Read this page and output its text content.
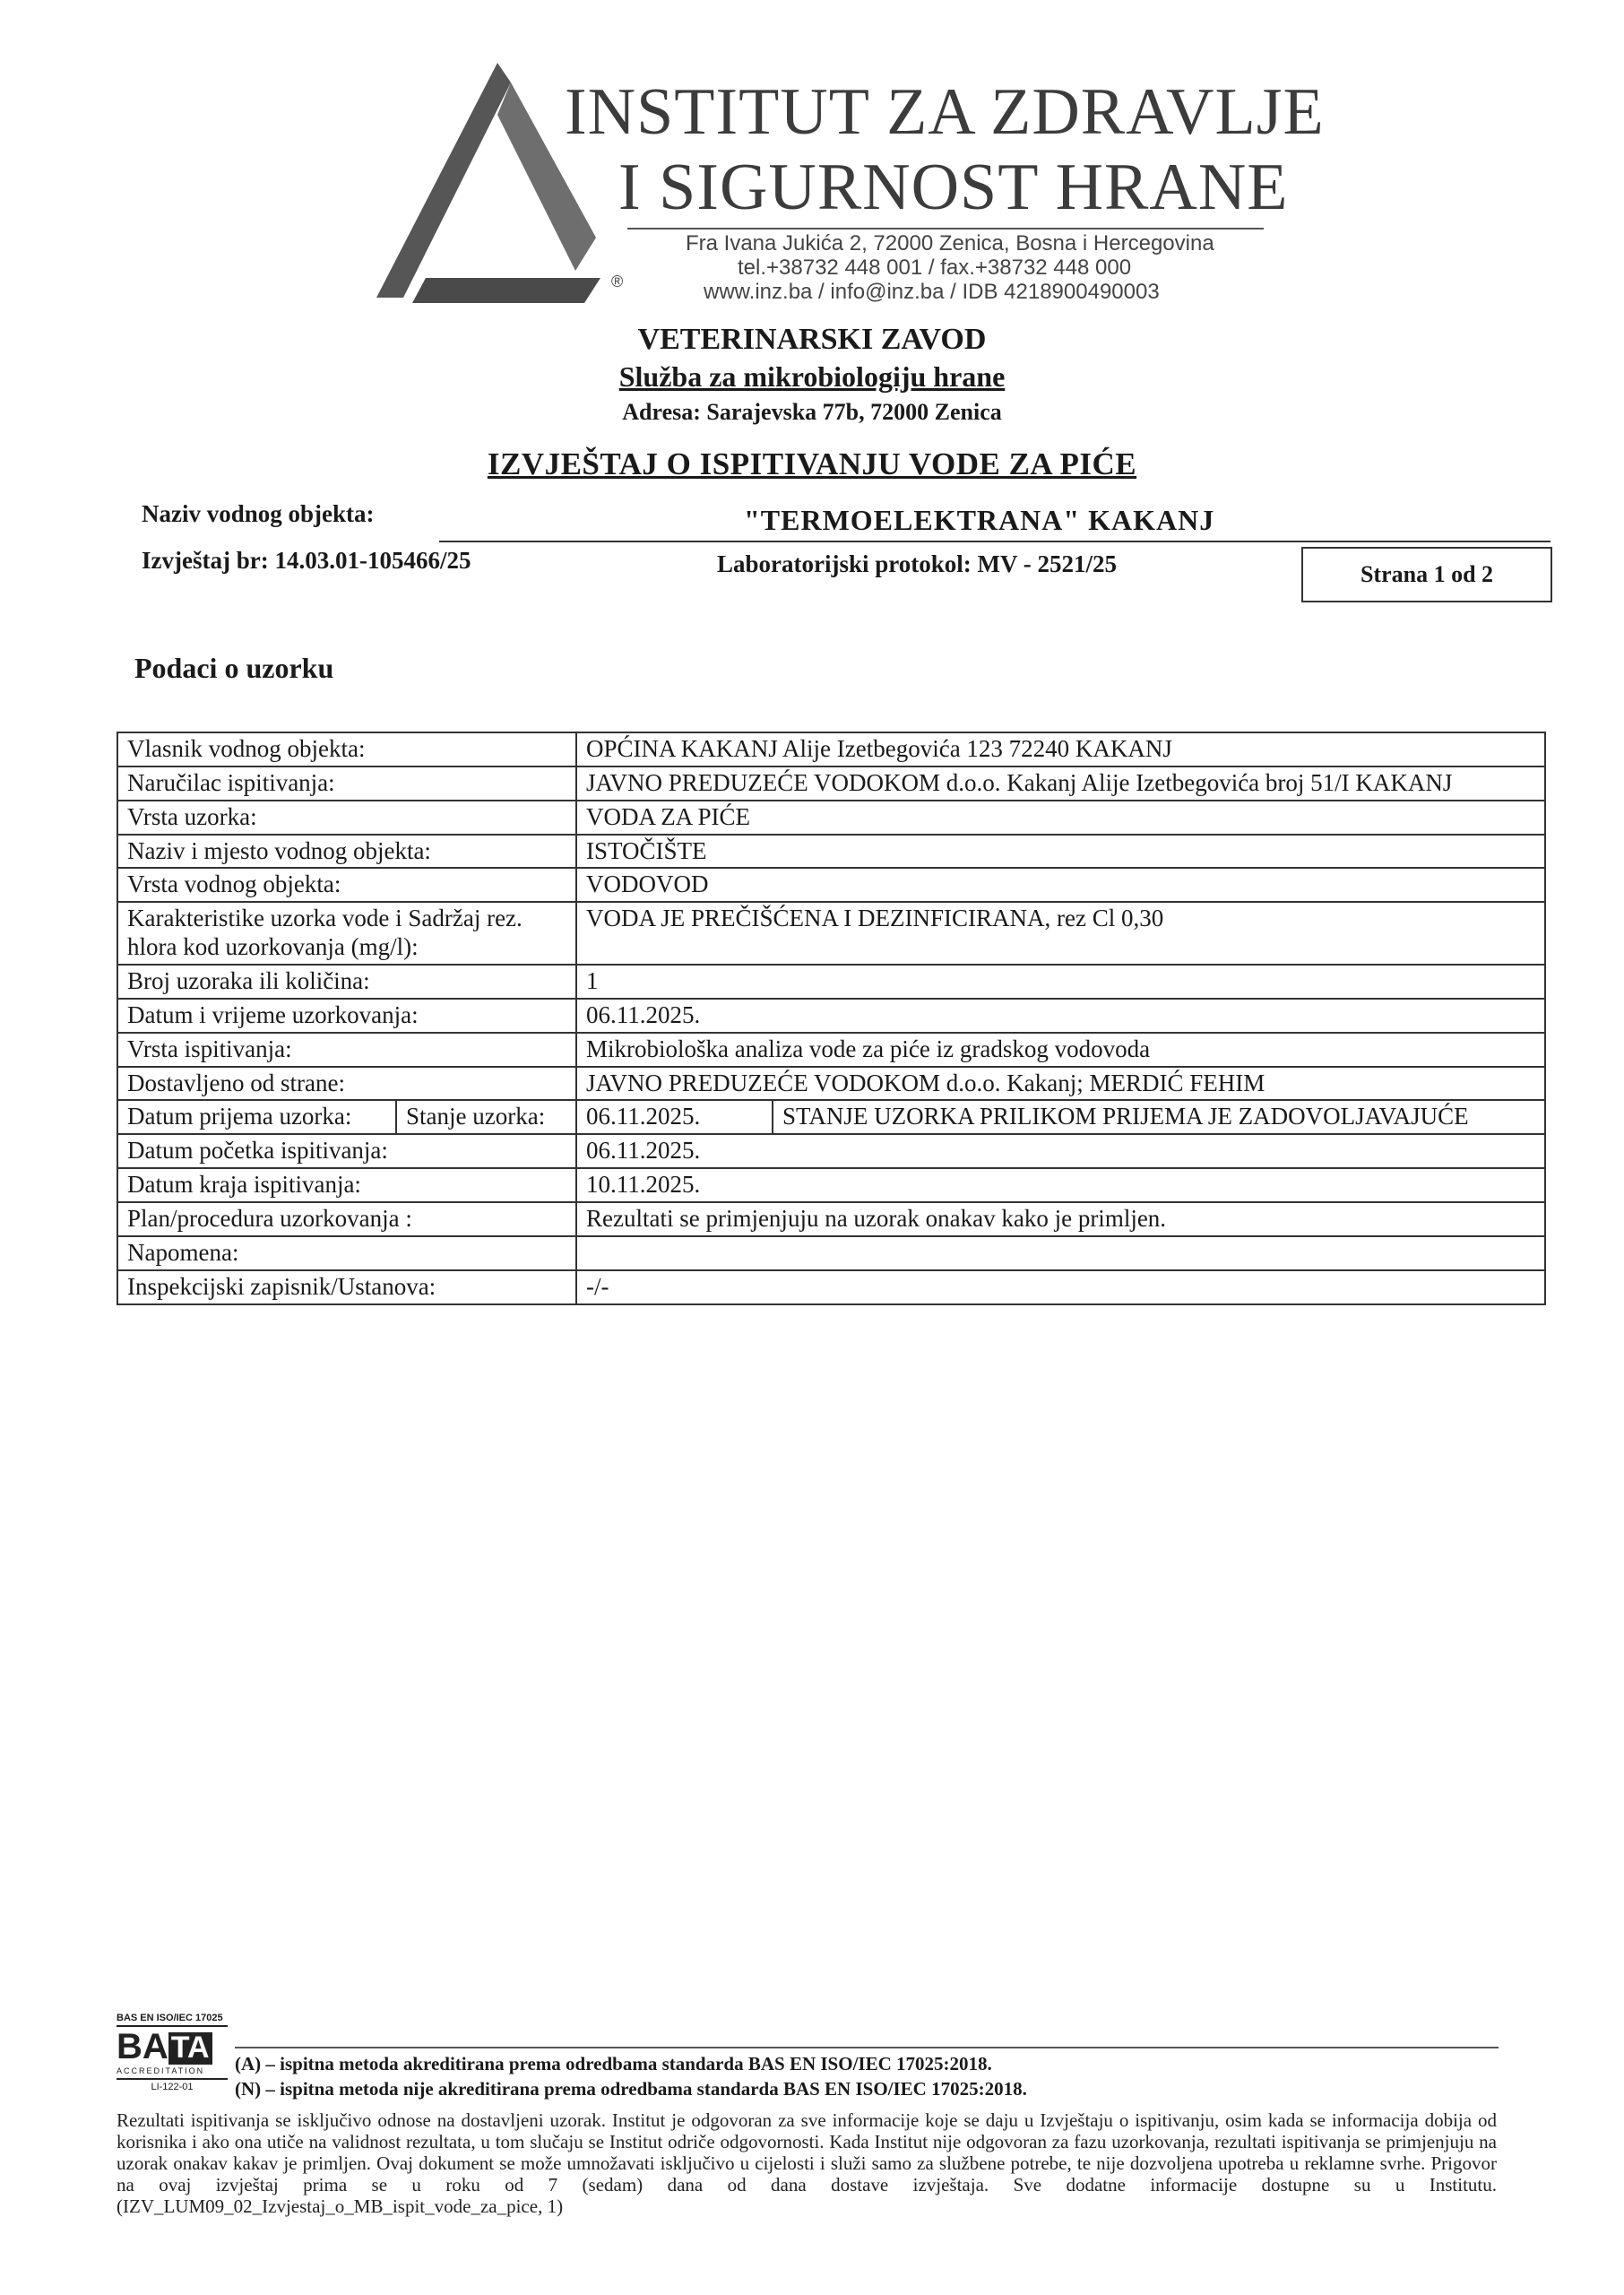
INSTITUT ZA ZDRAVLJE
I SIGURNOST HRANE
Fra Ivana Jukića 2, 72000 Zenica, Bosna i Hercegovina
tel.+38732 448 001 / fax.+38732 448 000
www.inz.ba / info@inz.ba / IDB 4218900490003
®
VETERINARSKI ZAVOD
Služba za mikrobiologiju hrane
Adresa: Sarajevska 77b, 72000 Zenica
IZVJEŠTAJ O ISPITIVANJU VODE ZA PIĆE
Naziv vodnog objekta:	"TERMOELEKTRANA" KAKANJ
Izvještaj br: 14.03.01-105466/25	Laboratorijski protokol: MV - 2521/25	Strana 1 od 2
Podaci o uzorku
Vlasnik vodnog objekta:		OPĆINA KAKANJ Alije Izetbegovića 123 72240 KAKANJ	
Naručilac ispitivanja:		JAVNO PREDUZEĆE VODOKOM d.o.o. Kakanj Alije Izetbegovića broj 51/I KAKANJ	
Vrsta uzorka:		VODA ZA PIĆE	
Naziv i mjesto vodnog objekta:		ISTOČIŠTE	
Vrsta vodnog objekta:		VODOVOD	
Karakteristike uzorka vode i Sadržaj rez. hlora kod uzorkovanja (mg/l):		VODA JE PREČIŠĆENA I DEZINFICIRANA, rez Cl 0,30	
Broj uzoraka ili količina:		1	
Datum i vrijeme uzorkovanja:		06.11.2025.	
Vrsta ispitivanja:		Mikrobiološka analiza vode za piće iz gradskog vodovoda	
Dostavljeno od strane:		JAVNO PREDUZEĆE VODOKOM d.o.o. Kakanj; MERDIĆ FEHIM	
Datum prijema uzorka:	Stanje uzorka:	06.11.2025.	STANJE UZORKA PRILIKOM PRIJEMA JE ZADOVOLJAVAJUĆE
Datum početka ispitivanja:		06.11.2025.	
Datum kraja ispitivanja:		10.11.2025.	
Plan/procedura uzorkovanja :		Rezultati se primjenjuju na uzorak onakav kako je primljen.	
Napomena:			
Inspekcijski zapisnik/Ustanova:		-/-	
BAS EN ISO/IEC 17025
BA TA
ACCREDITATION
LI-122-01
(A) – ispitna metoda akreditirana prema odredbama standarda BAS EN ISO/IEC 17025:2018.
(N) – ispitna metoda nije akreditirana prema odredbama standarda BAS EN ISO/IEC 17025:2018.
Rezultati ispitivanja se isključivo odnose na dostavljeni uzorak. Institut je odgovoran za sve informacije koje se daju u Izvještaju o ispitivanju, osim kada se informacija dobija od korisnika i ako ona utiče na validnost rezultata, u tom slučaju se Institut odriče odgovornosti. Kada Institut nije odgovoran za fazu uzorkovanja, rezultati ispitivanja se primjenjuju na uzorak onakav kakav je primljen. Ovaj dokument se može umnožavati isključivo u cijelosti i služi samo za službene potrebe, te nije dozvoljena upotreba u reklamne svrhe. Prigovor na ovaj izvještaj prima se u roku od 7 (sedam) dana od dana dostave izvještaja. Sve dodatne informacije dostupne su u Institutu. (IZV_LUM09_02_Izvjestaj_o_MB_ispit_vode_za_pice, 1)
